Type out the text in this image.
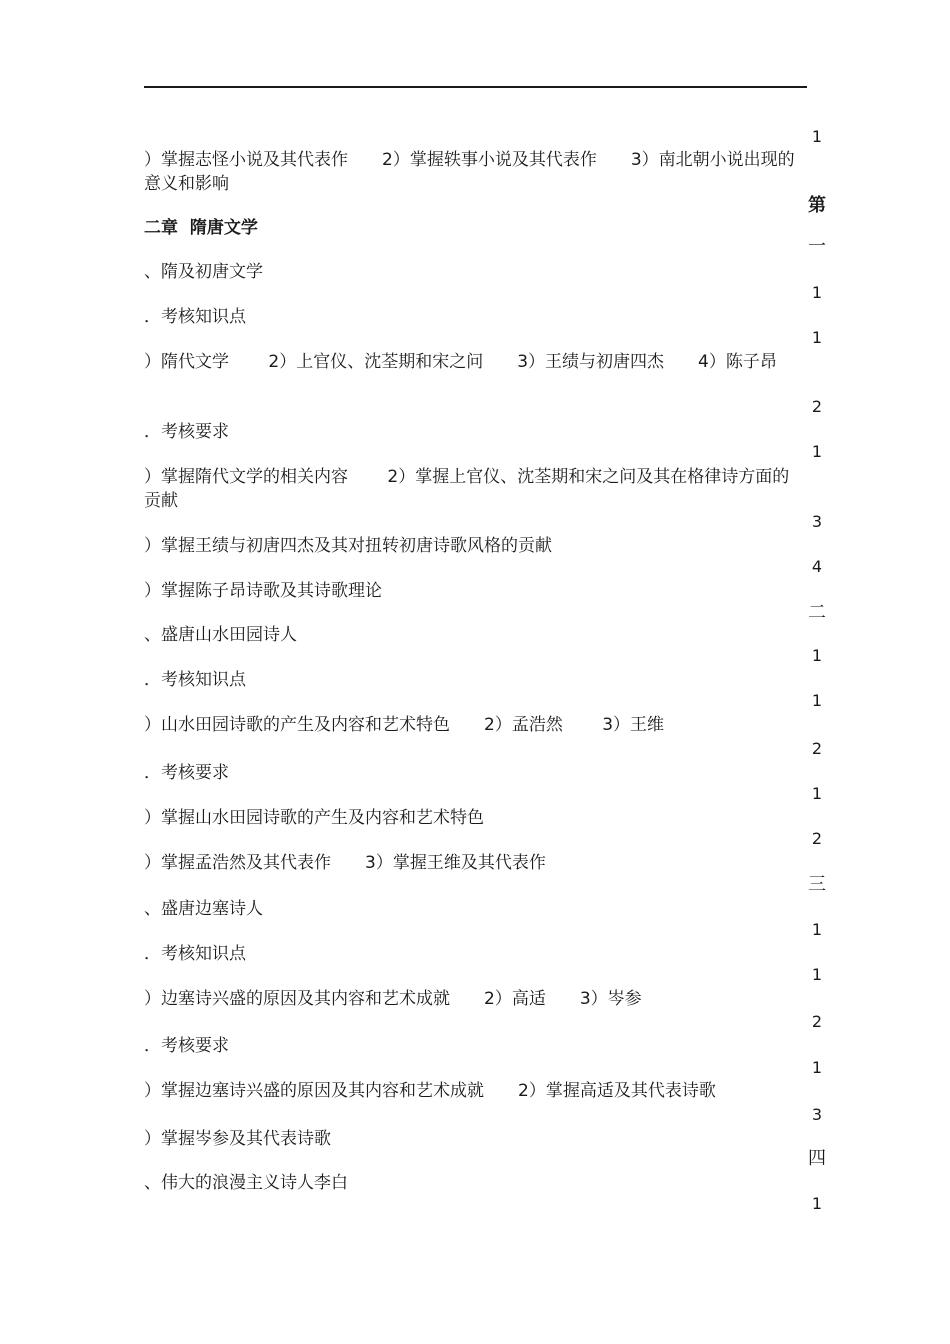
）掌握志怪小说及其代表作　　2）掌握轶事小说及其代表作　　3）南北朝小说出现的意义和影响
二章  隋唐文学
、隋及初唐文学
．考核知识点
）隋代文学　　 2）上官仪、沈荃期和宋之问　　3）王绩与初唐四杰　　4）陈子昂
．考核要求
）掌握隋代文学的相关内容　　 2）掌握上官仪、沈荃期和宋之问及其在格律诗方面的贡献
）掌握王绩与初唐四杰及其对扭转初唐诗歌风格的贡献
）掌握陈子昂诗歌及其诗歌理论
、盛唐山水田园诗人
．考核知识点
）山水田园诗歌的产生及内容和艺术特色　　2）孟浩然　　 3）王维
．考核要求
）掌握山水田园诗歌的产生及内容和艺术特色
）掌握孟浩然及其代表作　　3）掌握王维及其代表作
、盛唐边塞诗人
．考核知识点
）边塞诗兴盛的原因及其内容和艺术成就　　2）高适　　3）岑参
．考核要求
）掌握边塞诗兴盛的原因及其内容和艺术成就　　2）掌握高适及其代表诗歌
）掌握岑参及其代表诗歌
、伟大的浪漫主义诗人李白
1
第
一
1
1
2
1
3
4
二
1
1
2
1
2
三
1
1
2
1
3
四
1
